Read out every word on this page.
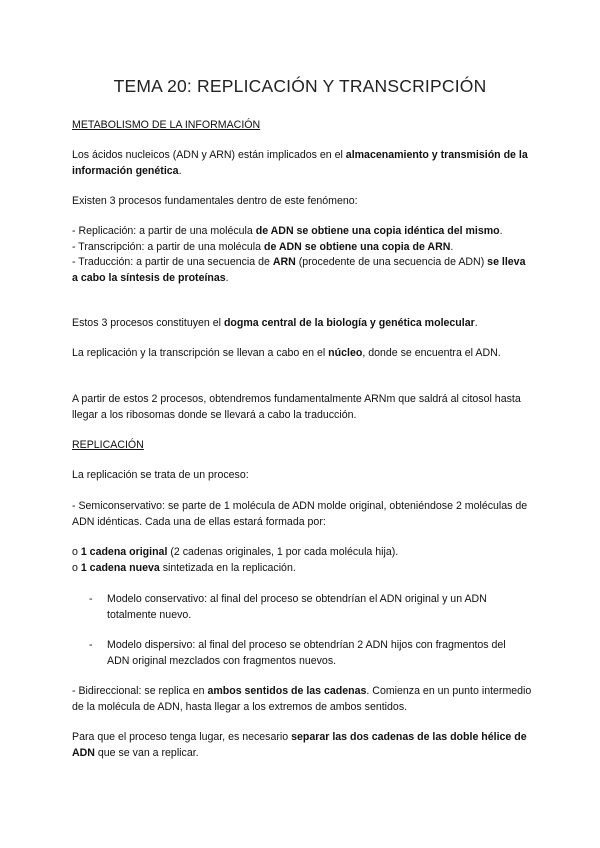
TEMA 20: REPLICACIÓN Y TRANSCRIPCIÓN
METABOLISMO DE LA INFORMACIÓN

Los ácidos nucleicos (ADN y ARN) están implicados en el almacenamiento y transmisión de la información genética.

Existen 3 procesos fundamentales dentro de este fenómeno:

- Replicación: a partir de una molécula de ADN se obtiene una copia idéntica del mismo.

- Transcripción: a partir de una molécula de ADN se obtiene una copia de ARN.

- Traducción: a partir de una secuencia de ARN (procedente de una secuencia de ADN) se lleva a cabo la síntesis de proteínas.

Estos 3 procesos constituyen el dogma central de la biología y genética molecular.

La replicación y la transcripción se llevan a cabo en el núcleo, donde se encuentra el ADN.

A partir de estos 2 procesos, obtendremos fundamentalmente ARNm que saldrá al citosol hasta llegar a los ribosomas donde se llevará a cabo la traducción.
REPLICACIÓN
La replicación se trata de un proceso:
- Semiconservativo: se parte de 1 molécula de ADN molde original, obteniéndose 2 moléculas de ADN idénticas. Cada una de ellas estará formada por:

o 1 cadena original (2 cadenas originales, 1 por cada molécula hija).

o 1 cadena nueva sintetizada en la replicación.

- Modelo conservativo: al final del proceso se obtendrían el ADN original y un ADN totalmente nuevo.
- Modelo dispersivo: al final del proceso se obtendrían 2 ADN hijos con fragmentos del ADN original mezclados con fragmentos nuevos.

- Bidireccional: se replica en ambos sentidos de las cadenas. Comienza en un punto intermedio de la molécula de ADN, hasta llegar a los extremos de ambos sentidos.

Para que el proceso tenga lugar, es necesario separar las dos cadenas de las doble hélice de ADN que se van a replicar.
